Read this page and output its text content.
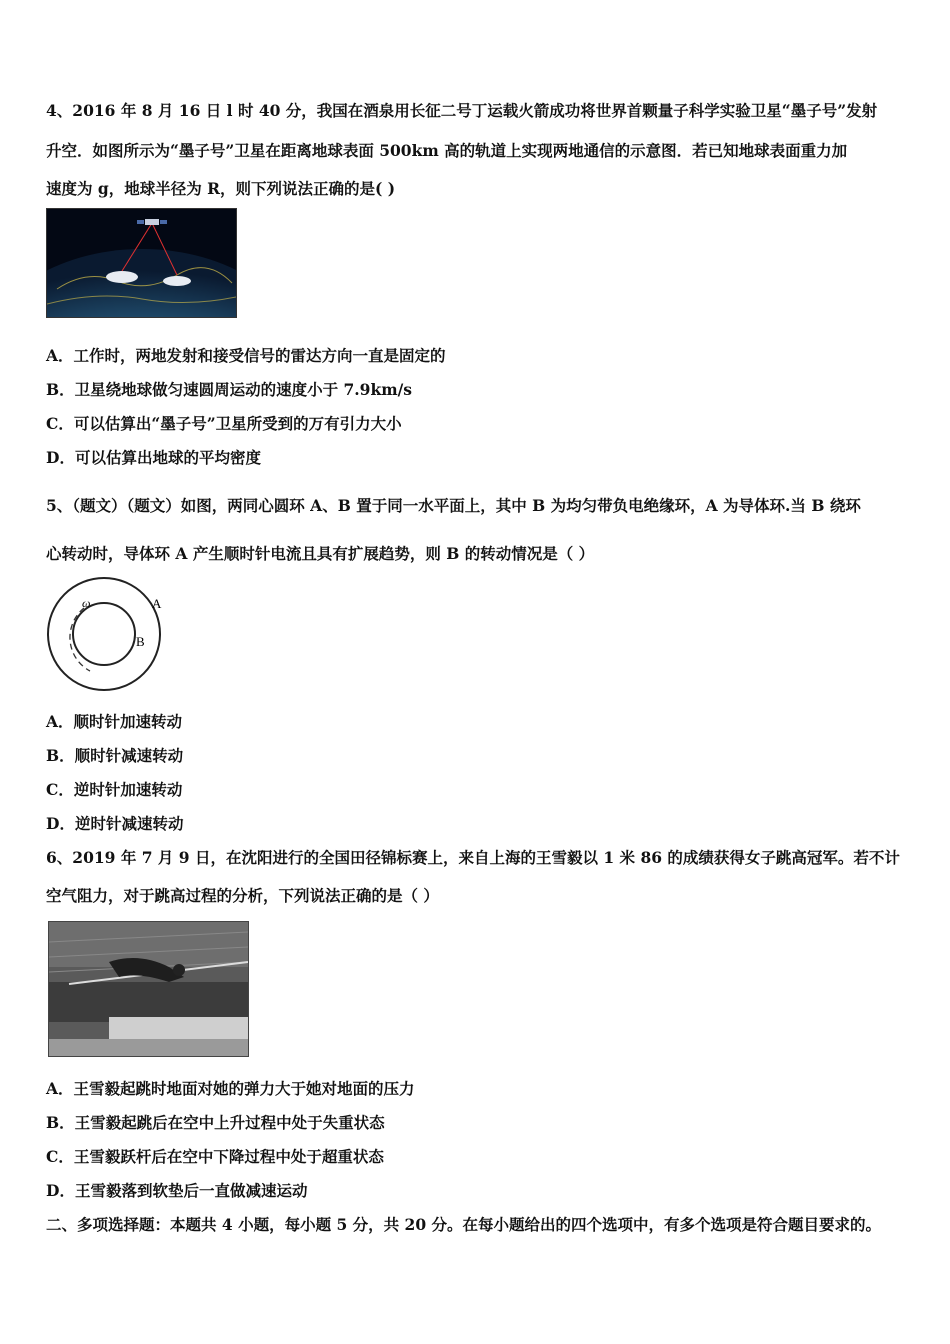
4、2016 年 8 月 16 日 l 时 40 分，我国在酒泉用长征二号丁运载火箭成功将世界首颗量子科学实验卫星“墨子号”发射
升空．如图所示为“墨子号”卫星在距离地球表面 500km 高的轨道上实现两地通信的示意图．若已知地球表面重力加
速度为 g，地球半径为 R，则下列说法正确的是( )
A．工作时，两地发射和接受信号的雷达方向一直是固定的
B．卫星绕地球做匀速圆周运动的速度小于 7.9km/s
C．可以估算出“墨子号”卫星所受到的万有引力大小
D．可以估算出地球的平均密度
5、（题文）（题文）如图，两同心圆环 A、B 置于同一水平面上，其中 B 为均匀带负电绝缘环，A 为导体环.当 B 绕环
心转动时，导体环 A 产生顺时针电流且具有扩展趋势，则 B 的转动情况是（ ）
A
B
ω
A．顺时针加速转动
B．顺时针减速转动
C．逆时针加速转动
D．逆时针减速转动
6、2019 年 7 月 9 日，在沈阳进行的全国田径锦标赛上，来自上海的王雪毅以 1 米 86 的成绩获得女子跳高冠军。若不计
空气阻力，对于跳高过程的分析，下列说法正确的是（ ）
A．王雪毅起跳时地面对她的弹力大于她对地面的压力
B．王雪毅起跳后在空中上升过程中处于失重状态
C．王雪毅跃杆后在空中下降过程中处于超重状态
D．王雪毅落到软垫后一直做减速运动
二、多项选择题：本题共 4 小题，每小题 5 分，共 20 分。在每小题给出的四个选项中，有多个选项是符合题目要求的。
